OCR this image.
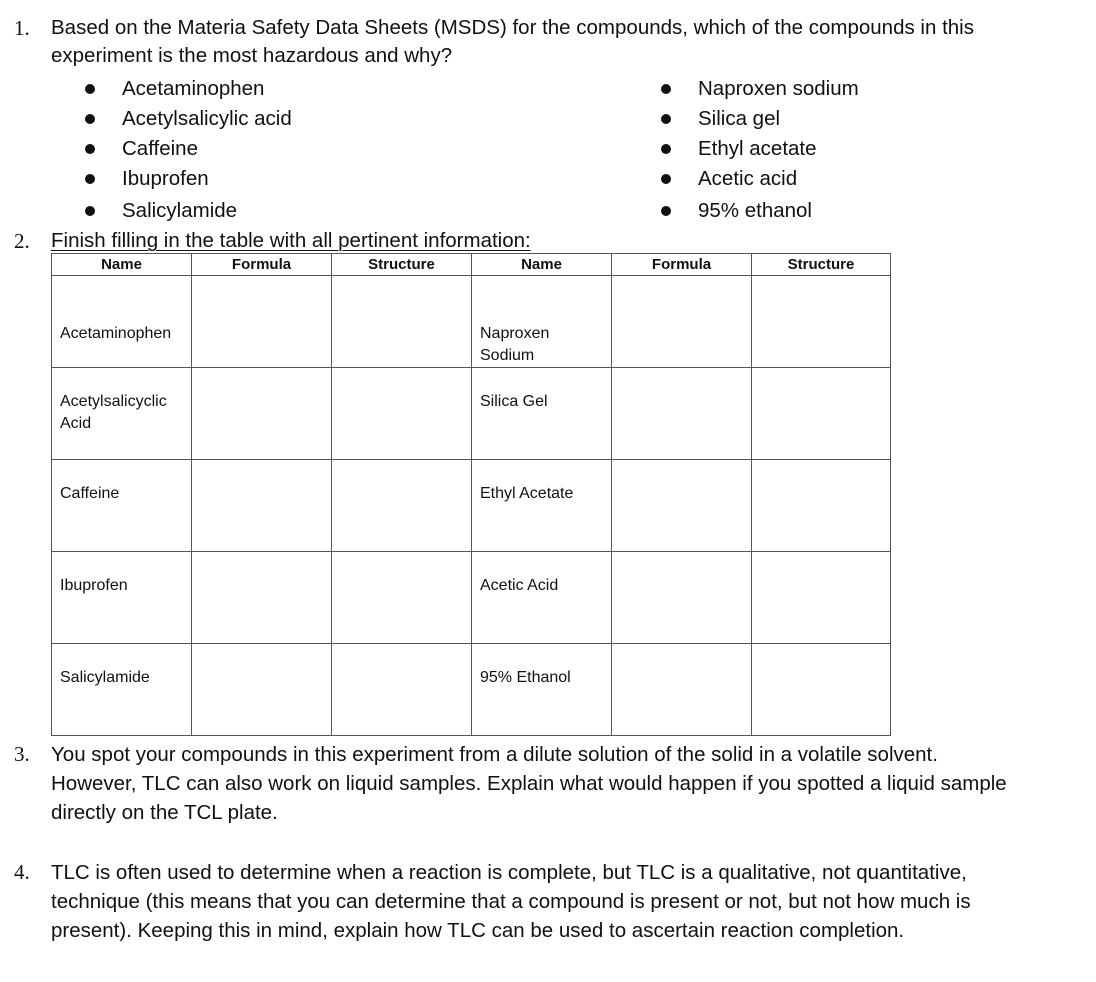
1. Based on the Materia Safety Data Sheets (MSDS) for the compounds, which of the compounds in this
experiment is the most hazardous and why?
Acetaminophen
Acetylsalicylic acid
Caffeine
Ibuprofen
Salicylamide
Naproxen sodium
Silica gel
Ethyl acetate
Acetic acid
95% ethanol
2. Finish filling in the table with all pertinent information:
Name	Formula	Structure	Name	Formula	Structure

Acetaminophen			Naproxen
Sodium		

Acetylsalicyclic
Acid			Silica Gel		

Caffeine			Ethyl Acetate		

Ibuprofen			Acetic Acid		

Salicylamide			95% Ethanol		

3. You spot your compounds in this experiment from a dilute solution of the solid in a volatile solvent.
However, TLC can also work on liquid samples. Explain what would happen if you spotted a liquid sample
directly on the TCL plate.
4. TLC is often used to determine when a reaction is complete, but TLC is a qualitative, not quantitative,
technique (this means that you can determine that a compound is present or not, but not how much is
present). Keeping this in mind, explain how TLC can be used to ascertain reaction completion.
